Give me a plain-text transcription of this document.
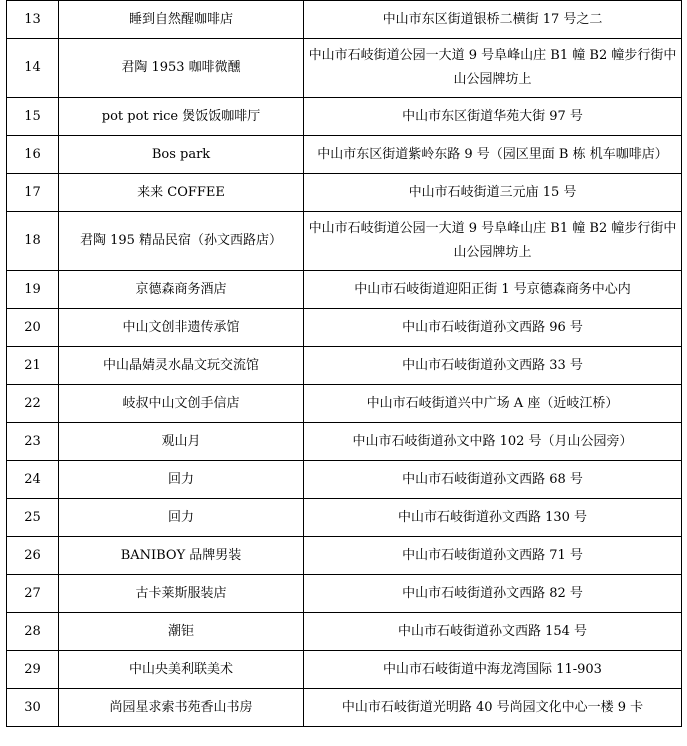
13	睡到自然醒咖啡店	中山市东区街道银桥二横街 17 号之二
14	君陶 1953 咖啡微醺	中山市石岐街道公园一大道 9 号阜峰山庄 B1 幢 B2 幢步行街中山公园牌坊上
15	pot pot rice 煲饭饭咖啡厅	中山市东区街道华苑大街 97 号
16	Bos park	中山市东区街道紫岭东路 9 号（园区里面 B 栋 机车咖啡店）
17	来来 COFFEE	中山市石岐街道三元庙 15 号
18	君陶 195 精品民宿（孙文西路店）	中山市石岐街道公园一大道 9 号阜峰山庄 B1 幢 B2 幢步行街中山公园牌坊上
19	京德森商务酒店	中山市石岐街道迎阳正街 1 号京德森商务中心内
20	中山文创非遗传承馆	中山市石岐街道孙文西路 96 号
21	中山晶婧灵水晶文玩交流馆	中山市石岐街道孙文西路 33 号
22	岐叔中山文创手信店	中山市石岐街道兴中广场 A 座（近岐江桥）
23	观山月	中山市石岐街道孙文中路 102 号（月山公园旁）
24	回力	中山市石岐街道孙文西路 68 号
25	回力	中山市石岐街道孙文西路 130 号
26	BANIBOY 品牌男装	中山市石岐街道孙文西路 71 号
27	古卡莱斯服装店	中山市石岐街道孙文西路 82 号
28	潮钜	中山市石岐街道孙文西路 154 号
29	中山央美利联美术	中山市石岐街道中海龙湾国际 11-903
30	尚园星求索书苑香山书房	中山市石岐街道光明路 40 号尚园文化中心一楼 9 卡
